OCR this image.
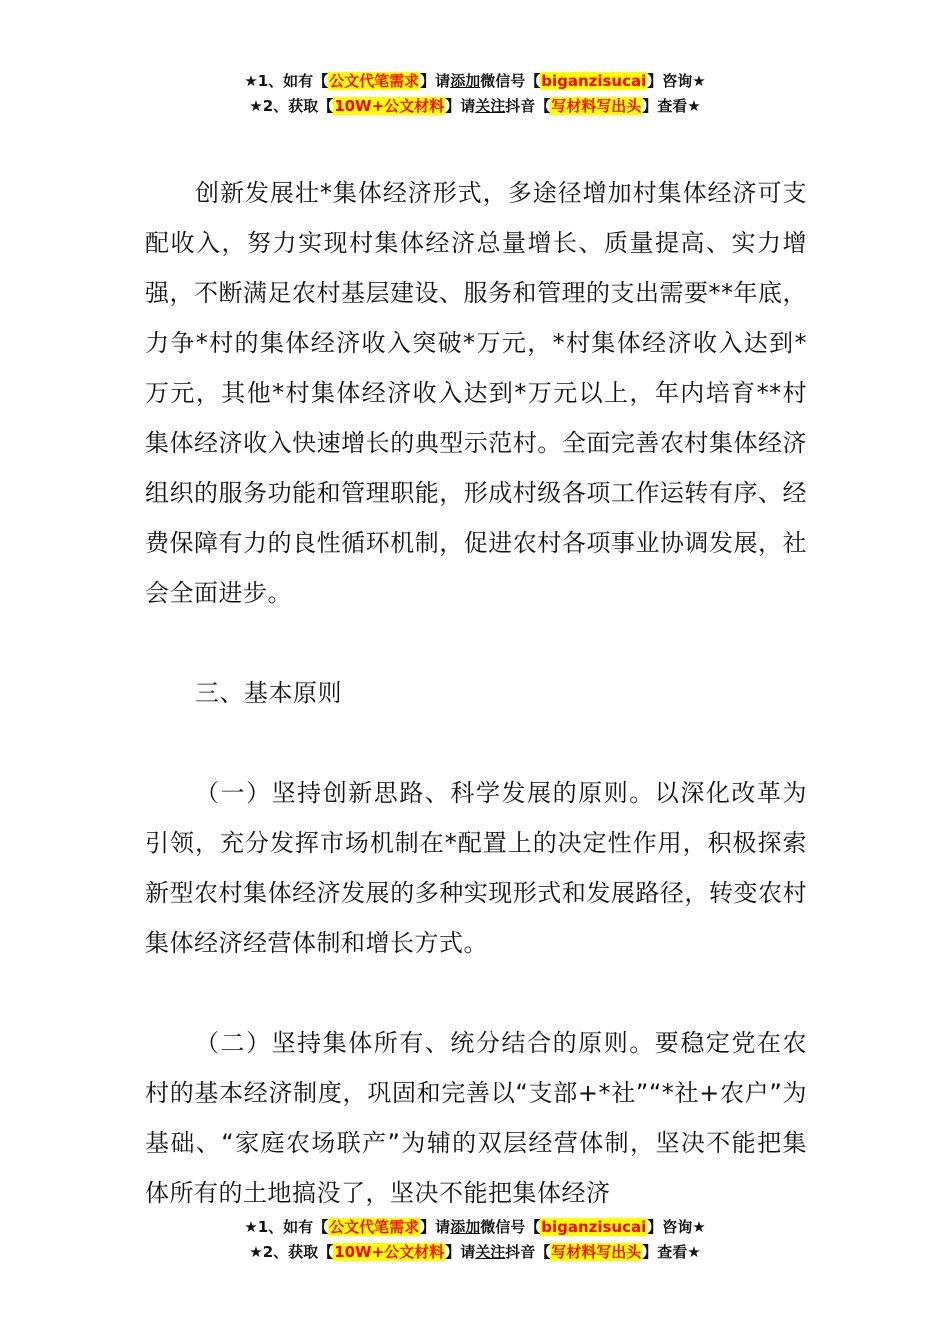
★1、如有【公文代笔需求】请添加微信号【biganzisucai】咨询★
★2、获取【10W+公文材料】请关注抖音【写材料写出头】查看★

创新发展壮*集体经济形式，多途径增加村集体经济可支配收入，努力实现村集体经济总量增长、质量提高、实力增强，不断满足农村基层建设、服务和管理的支出需要**年底，力争*村的集体经济收入突破*万元，*村集体经济收入达到*万元，其他*村集体经济收入达到*万元以上，年内培育**村集体经济收入快速增长的典型示范村。全面完善农村集体经济组织的服务功能和管理职能，形成村级各项工作运转有序、经费保障有力的良性循环机制，促进农村各项事业协调发展，社会全面进步。

三、基本原则

（一）坚持创新思路、科学发展的原则。以深化改革为引领，充分发挥市场机制在*配置上的决定性作用，积极探索新型农村集体经济发展的多种实现形式和发展路径，转变农村集体经济经营体制和增长方式。

（二）坚持集体所有、统分结合的原则。要稳定党在农村的基本经济制度，巩固和完善以“支部+*社”“*社+农户”为基础、“家庭农场联产”为辅的双层经营体制，坚决不能把集体所有的土地搞没了，坚决不能把集体经济

★1、如有【公文代笔需求】请添加微信号【biganzisucai】咨询★
★2、获取【10W+公文材料】请关注抖音【写材料写出头】查看★
